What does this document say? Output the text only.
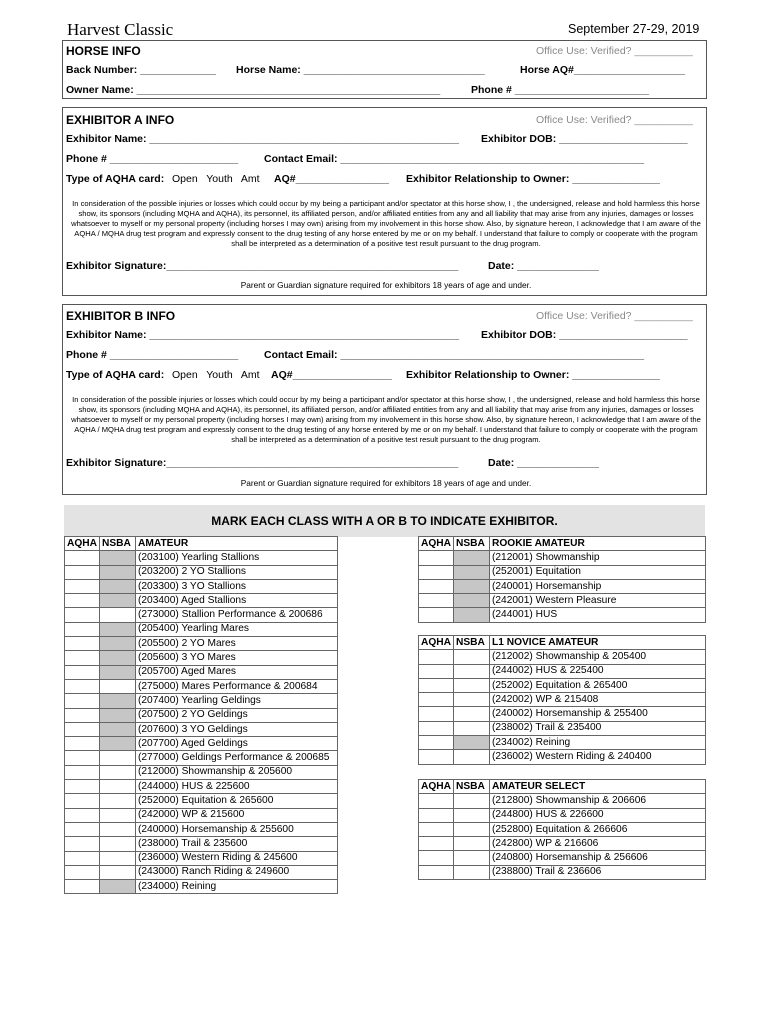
Harvest Classic	September 27-29, 2019
HORSE INFO	Office Use: Verified? __________
Back Number: _____________ Horse Name: _______________________________	Horse AQ#___________________
Owner Name: ____________________________________________________	Phone # _______________________
EXHIBITOR A INFO	Office Use: Verified? __________
Exhibitor Name: _____________________________________________________ Exhibitor DOB: ______________________
Phone # ______________________ Contact Email: ____________________________________________________
Type of AQHA card: Open   Youth   Amt AQ#________________ Exhibitor Relationship to Owner: _______________
In consideration of the possible injuries or losses which could occur by my being a participant and/or spectator at this horse show, I , the undersigned, release and hold harmless this horse show, its sponsors (including MQHA and AQHA), its personnel, its affiliated person, and/or affiliated entities from any and all liability that may arise from any injuries, damages or losses whatsoever to myself or my personal property (including horses I may own) arising from my involvement in this horse show. Also, by signature hereon, I acknowledge that I am aware of the AQHA / MQHA drug test program and expressly consent to the drug testing of any horse entered by me or on my behalf. I understand that failure to comply or cooperate with the program shall be interpreted as a determination of a positive test result pursuant to the drug program.
Exhibitor Signature:__________________________________________________	Date: ______________
Parent or Guardian signature required for exhibitors 18 years of age and under.
EXHIBITOR B INFO	Office Use: Verified? __________
Exhibitor Name: _____________________________________________________ Exhibitor DOB: ______________________
Phone # ______________________ Contact Email: ____________________________________________________
Type of AQHA card: Open   Youth   Amt AQ#_________________ Exhibitor Relationship to Owner: _______________
In consideration of the possible injuries or losses which could occur by my being a participant and/or spectator at this horse show, I , the undersigned, release and hold harmless this horse show, its sponsors (including MQHA and AQHA), its personnel, its affiliated person, and/or affiliated entities from any and all liability that may arise from any injuries, damages or losses whatsoever to myself or my personal property (including horses I may own) arising from my involvement in this horse show. Also, by signature hereon, I acknowledge that I am aware of the AQHA / MQHA drug test program and expressly consent to the drug testing of any horse entered by me or on my behalf. I understand that failure to comply or cooperate with the program shall be interpreted as a determination of a positive test result pursuant to the drug program.
Exhibitor Signature:__________________________________________________	Date: ______________
Parent or Guardian signature required for exhibitors 18 years of age and under.
MARK EACH CLASS WITH A OR B TO INDICATE EXHIBITOR.
AQHA	NSBA	AMATEUR
		(203100) Yearling Stallions
		(203200) 2 YO Stallions
		(203300) 3 YO Stallions
		(203400) Aged Stallions
		(273000) Stallion Performance & 200686
		(205400) Yearling Mares
		(205500) 2 YO Mares
		(205600) 3 YO Mares
		(205700) Aged Mares
		(275000) Mares Performance & 200684
		(207400) Yearling Geldings
		(207500) 2 YO Geldings
		(207600) 3 YO Geldings
		(207700) Aged Geldings
		(277000) Geldings Performance & 200685
		(212000) Showmanship & 205600
		(244000) HUS & 225600
		(252000) Equitation & 265600
		(242000) WP & 215600
		(240000) Horsemanship & 255600
		(238000) Trail & 235600
		(236000) Western Riding & 245600
		(243000) Ranch Riding & 249600
		(234000) Reining
AQHA	NSBA	ROOKIE AMATEUR
		(212001) Showmanship
		(252001) Equitation
		(240001) Horsemanship
		(242001) Western Pleasure
		(244001) HUS
AQHA	NSBA	L1 NOVICE AMATEUR
		(212002) Showmanship & 205400
		(244002) HUS & 225400
		(252002) Equitation & 265400
		(242002) WP & 215408
		(240002) Horsemanship & 255400
		(238002) Trail & 235400
		(234002) Reining
		(236002) Western Riding & 240400
AQHA	NSBA	AMATEUR SELECT
		(212800) Showmanship & 206606
		(244800) HUS & 226600
		(252800) Equitation & 266606
		(242800) WP & 216606
		(240800) Horsemanship & 256606
		(238800) Trail & 236606
